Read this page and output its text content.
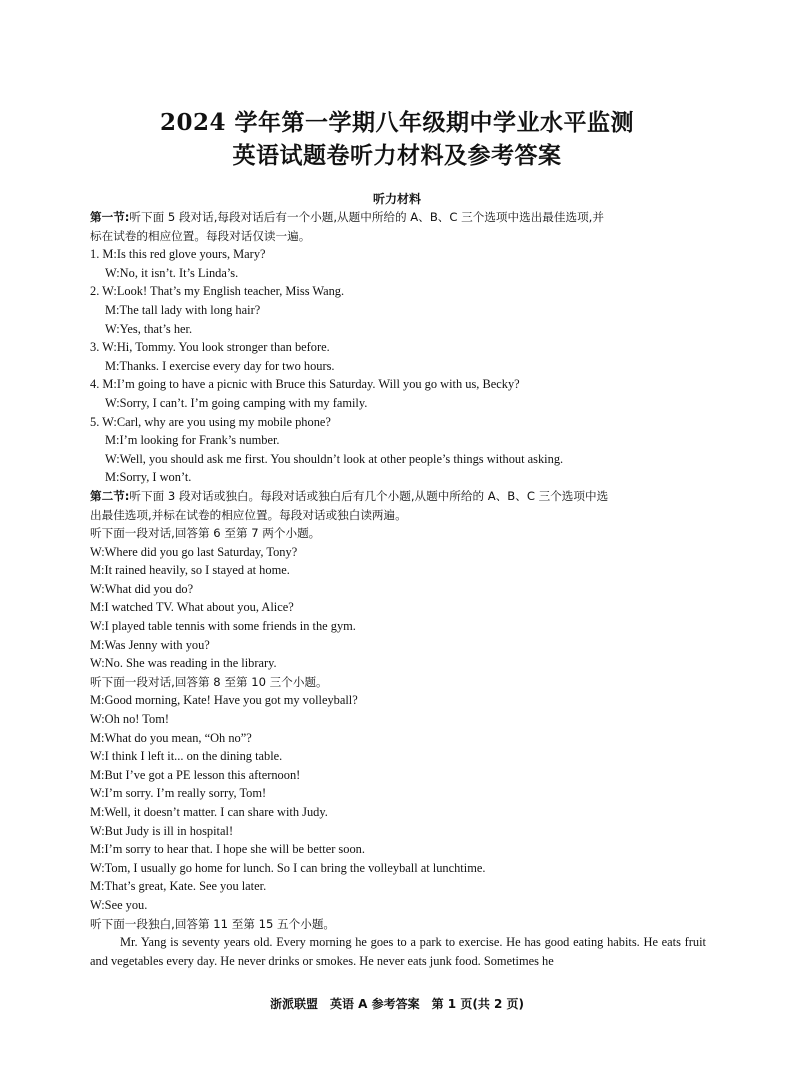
2024 学年第一学期八年级期中学业水平监测
英语试题卷听力材料及参考答案
听力材料
第一节:听下面 5 段对话,每段对话后有一个小题,从题中所给的 A、B、C 三个选项中选出最佳选项,并
标在试卷的相应位置。每段对话仅读一遍。
1. M:Is this red glove yours, Mary?
W:No, it isn’t. It’s Linda’s.
2. W:Look! That’s my English teacher, Miss Wang.
M:The tall lady with long hair?
W:Yes, that’s her.
3. W:Hi, Tommy. You look stronger than before.
M:Thanks. I exercise every day for two hours.
4. M:I’m going to have a picnic with Bruce this Saturday. Will you go with us, Becky?
W:Sorry, I can’t. I’m going camping with my family.
5. W:Carl, why are you using my mobile phone?
M:I’m looking for Frank’s number.
W:Well, you should ask me first. You shouldn’t look at other people’s things without asking.
M:Sorry, I won’t.
第二节:听下面 3 段对话或独白。每段对话或独白后有几个小题,从题中所给的 A、B、C 三个选项中选
出最佳选项,并标在试卷的相应位置。每段对话或独白读两遍。
听下面一段对话,回答第 6 至第 7 两个小题。
W:Where did you go last Saturday, Tony?
M:It rained heavily, so I stayed at home.
W:What did you do?
M:I watched TV. What about you, Alice?
W:I played table tennis with some friends in the gym.
M:Was Jenny with you?
W:No. She was reading in the library.
听下面一段对话,回答第 8 至第 10 三个小题。
M:Good morning, Kate! Have you got my volleyball?
W:Oh no! Tom!
M:What do you mean, “Oh no”?
W:I think I left it... on the dining table.
M:But I’ve got a PE lesson this afternoon!
W:I’m sorry. I’m really sorry, Tom!
M:Well, it doesn’t matter. I can share with Judy.
W:But Judy is ill in hospital!
M:I’m sorry to hear that. I hope she will be better soon.
W:Tom, I usually go home for lunch. So I can bring the volleyball at lunchtime.
M:That’s great, Kate. See you later.
W:See you.
听下面一段独白,回答第 11 至第 15 五个小题。
Mr. Yang is seventy years old. Every morning he goes to a park to exercise. He has good eating habits. He eats fruit and vegetables every day. He never drinks or smokes. He never eats junk food. Sometimes he
浙派联盟　英语 A 参考答案　第 1 页(共 2 页)
